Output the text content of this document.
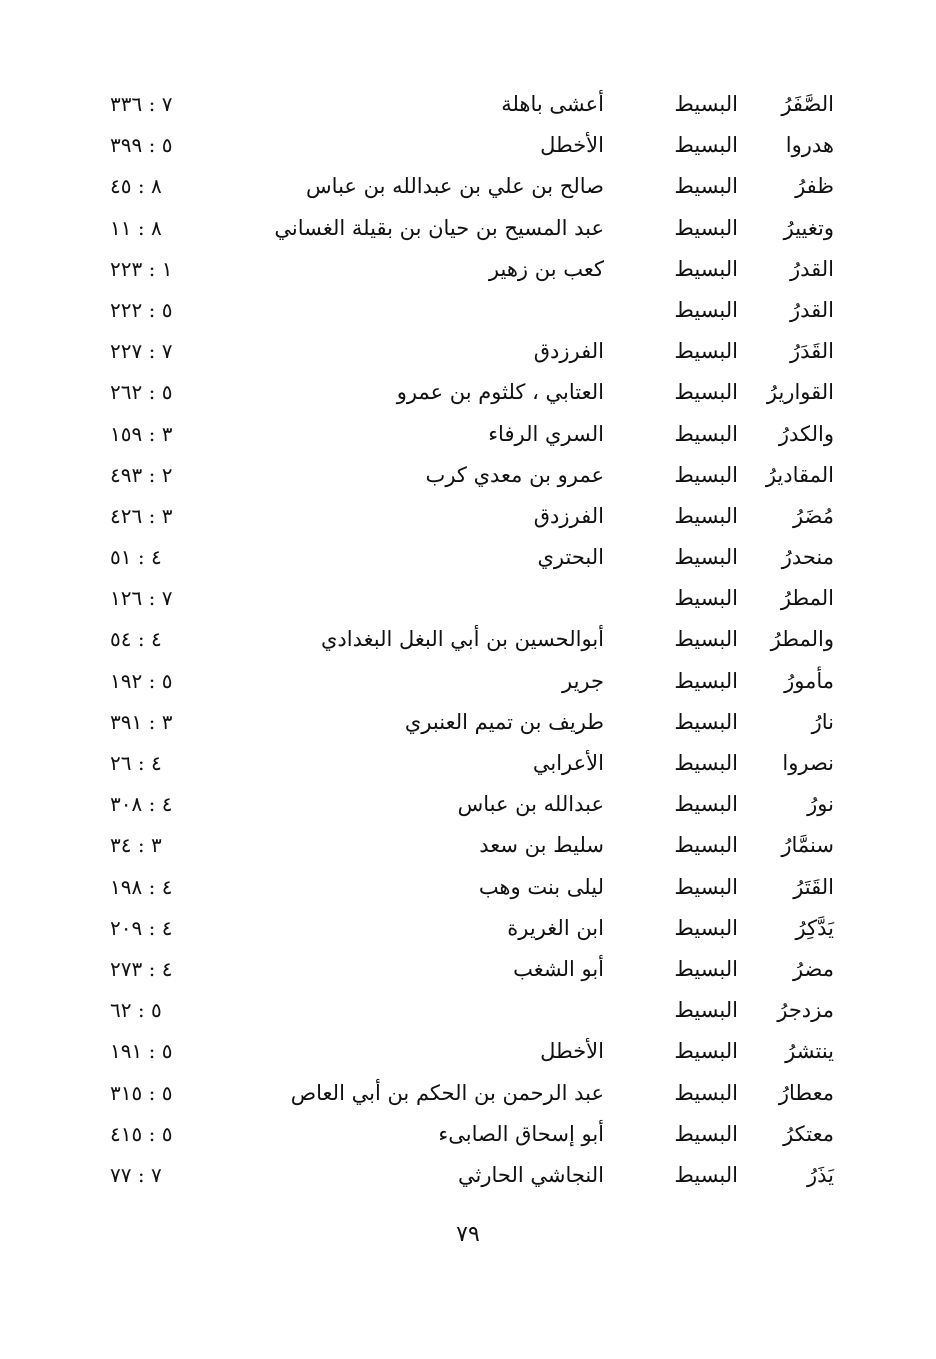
الصَّفَرُ
البسيط
أعشى باهلة
٧ : ٣٣٦
هدروا
البسيط
الأخطل
٥ : ٣٩٩
ظفرُ
البسيط
صالح بن علي بن عبدالله بن عباس
٨ : ٤٥
وتغييرُ
البسيط
عبد المسيح بن حيان بن بقيلة الغساني
٨ : ١١
القدرُ
البسيط
كعب بن زهير
١ : ٢٢٣
القدرُ
البسيط
٥ : ٢٢٢
القَدَرُ
البسيط
الفرزدق
٧ : ٢٢٧
القواريرُ
البسيط
العتابي ، كلثوم بن عمرو
٥ : ٢٦٢
والكدرُ
البسيط
السري الرفاء
٣ : ١٥٩
المقاديرُ
البسيط
عمرو بن معدي كرب
٢ : ٤٩٣
مُضَرُ
البسيط
الفرزدق
٣ : ٤٢٦
منحدرُ
البسيط
البحتري
٤ : ٥١
المطرُ
البسيط
٧ : ١٢٦
والمطرُ
البسيط
أبوالحسين بن أبي البغل البغدادي
٤ : ٥٤
مأمورُ
البسيط
جرير
٥ : ١٩٢
نارُ
البسيط
طريف بن تميم العنبري
٣ : ٣٩١
نصروا
البسيط
الأعرابي
٤ : ٢٦
نورُ
البسيط
عبدالله بن عباس
٤ : ٣٠٨
سنمَّارُ
البسيط
سليط بن سعد
٣ : ٣٤
القَتَرُ
البسيط
ليلى بنت وهب
٤ : ١٩٨
يَدَّكِرُ
البسيط
ابن الغريرة
٤ : ٢٠٩
مضرُ
البسيط
أبو الشغب
٤ : ٢٧٣
مزدجرُ
البسيط
٥ : ٦٢
ينتشرُ
البسيط
الأخطل
٥ : ١٩١
معطارُ
البسيط
عبد الرحمن بن الحكم بن أبي العاص
٥ : ٣١٥
معتكرُ
البسيط
أبو إسحاق الصابىء
٥ : ٤١٥
يَذَرُ
البسيط
النجاشي الحارثي
٧ : ٧٧
٧٩
